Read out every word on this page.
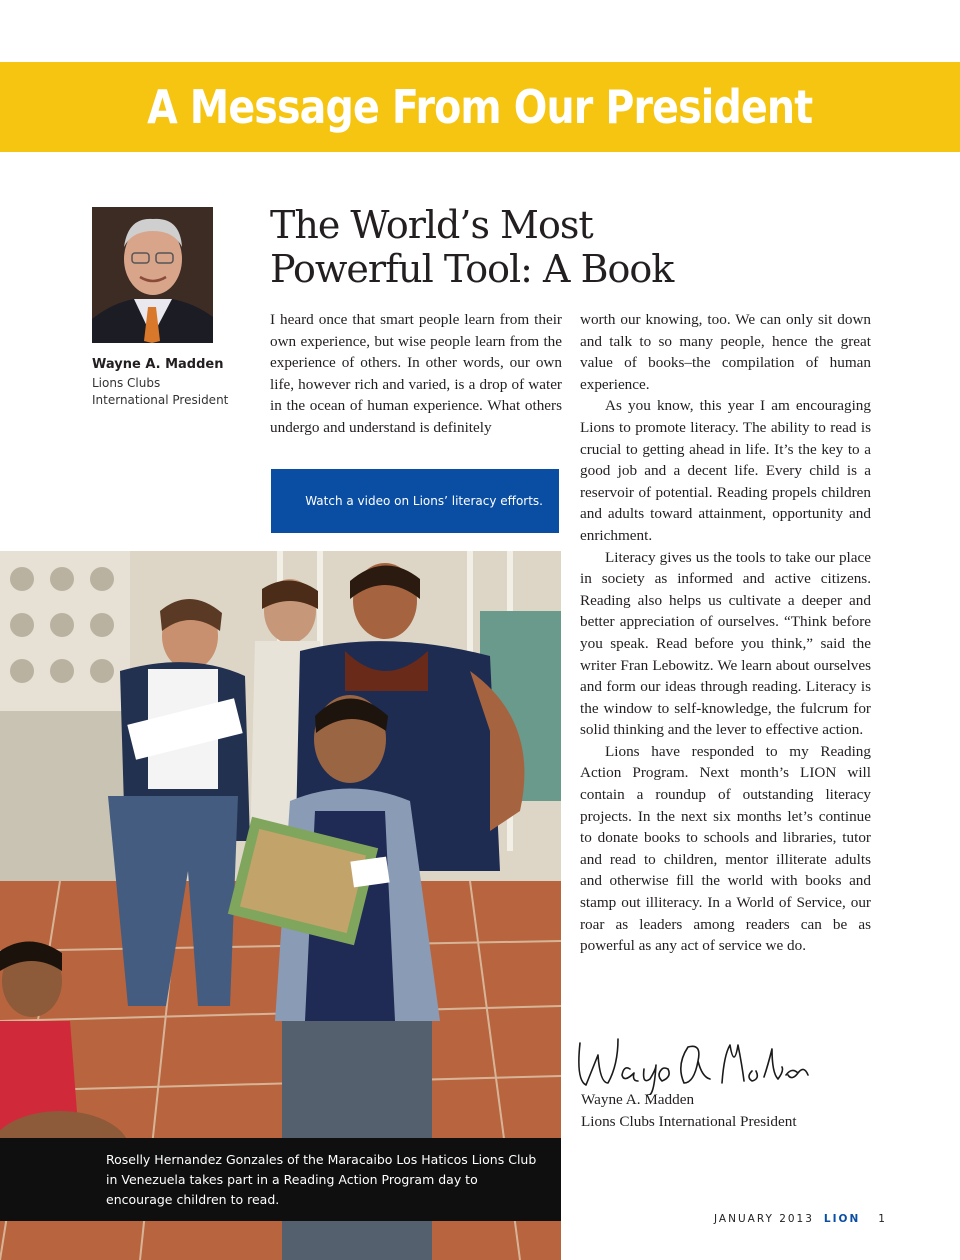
A Message From Our President
Wayne A. Madden
Lions Clubs
International President
The World’s Most
Powerful Tool: A Book

I heard once that smart people learn from their own experience, but wise people learn from the experience of others. In other words, our own life, however rich and varied, is a drop of water in the ocean of human experience. What others undergo and understand is definitely

Watch a video on Lions’ literacy efforts.

worth our knowing, too. We can only sit down and talk to so many people, hence the great value of books–the compilation of human experience.

As you know, this year I am encouraging Lions to promote literacy. The ability to read is crucial to getting ahead in life. It’s the key to a good job and a decent life. Every child is a reservoir of potential. Reading propels children and adults toward attainment, opportunity and enrichment.

Literacy gives us the tools to take our place in society as informed and active citizens. Reading also helps us cultivate a deeper and better appreciation of ourselves. “Think before you speak. Read before you think,” said the writer Fran Lebowitz. We learn about ourselves and form our ideas through reading. Literacy is the window to self-knowledge, the fulcrum for solid thinking and the lever to effective action.

Lions have responded to my Reading Action Program. Next month’s LION will contain a roundup of outstanding literacy projects. In the next six months let’s continue to donate books to schools and libraries, tutor and read to children, mentor illiterate adults and otherwise fill the world with books and stamp out illiteracy. In a World of Service, our roar as leaders among readers can be as powerful as any act of service we do.

Roselly Hernandez Gonzales of the Maracaibo Los Haticos Lions Club in Venezuela takes part in a Reading Action Program day to encourage children to read.
Wayne A. Madden
Lions Clubs International President
JANUARY 2013 LION 1
